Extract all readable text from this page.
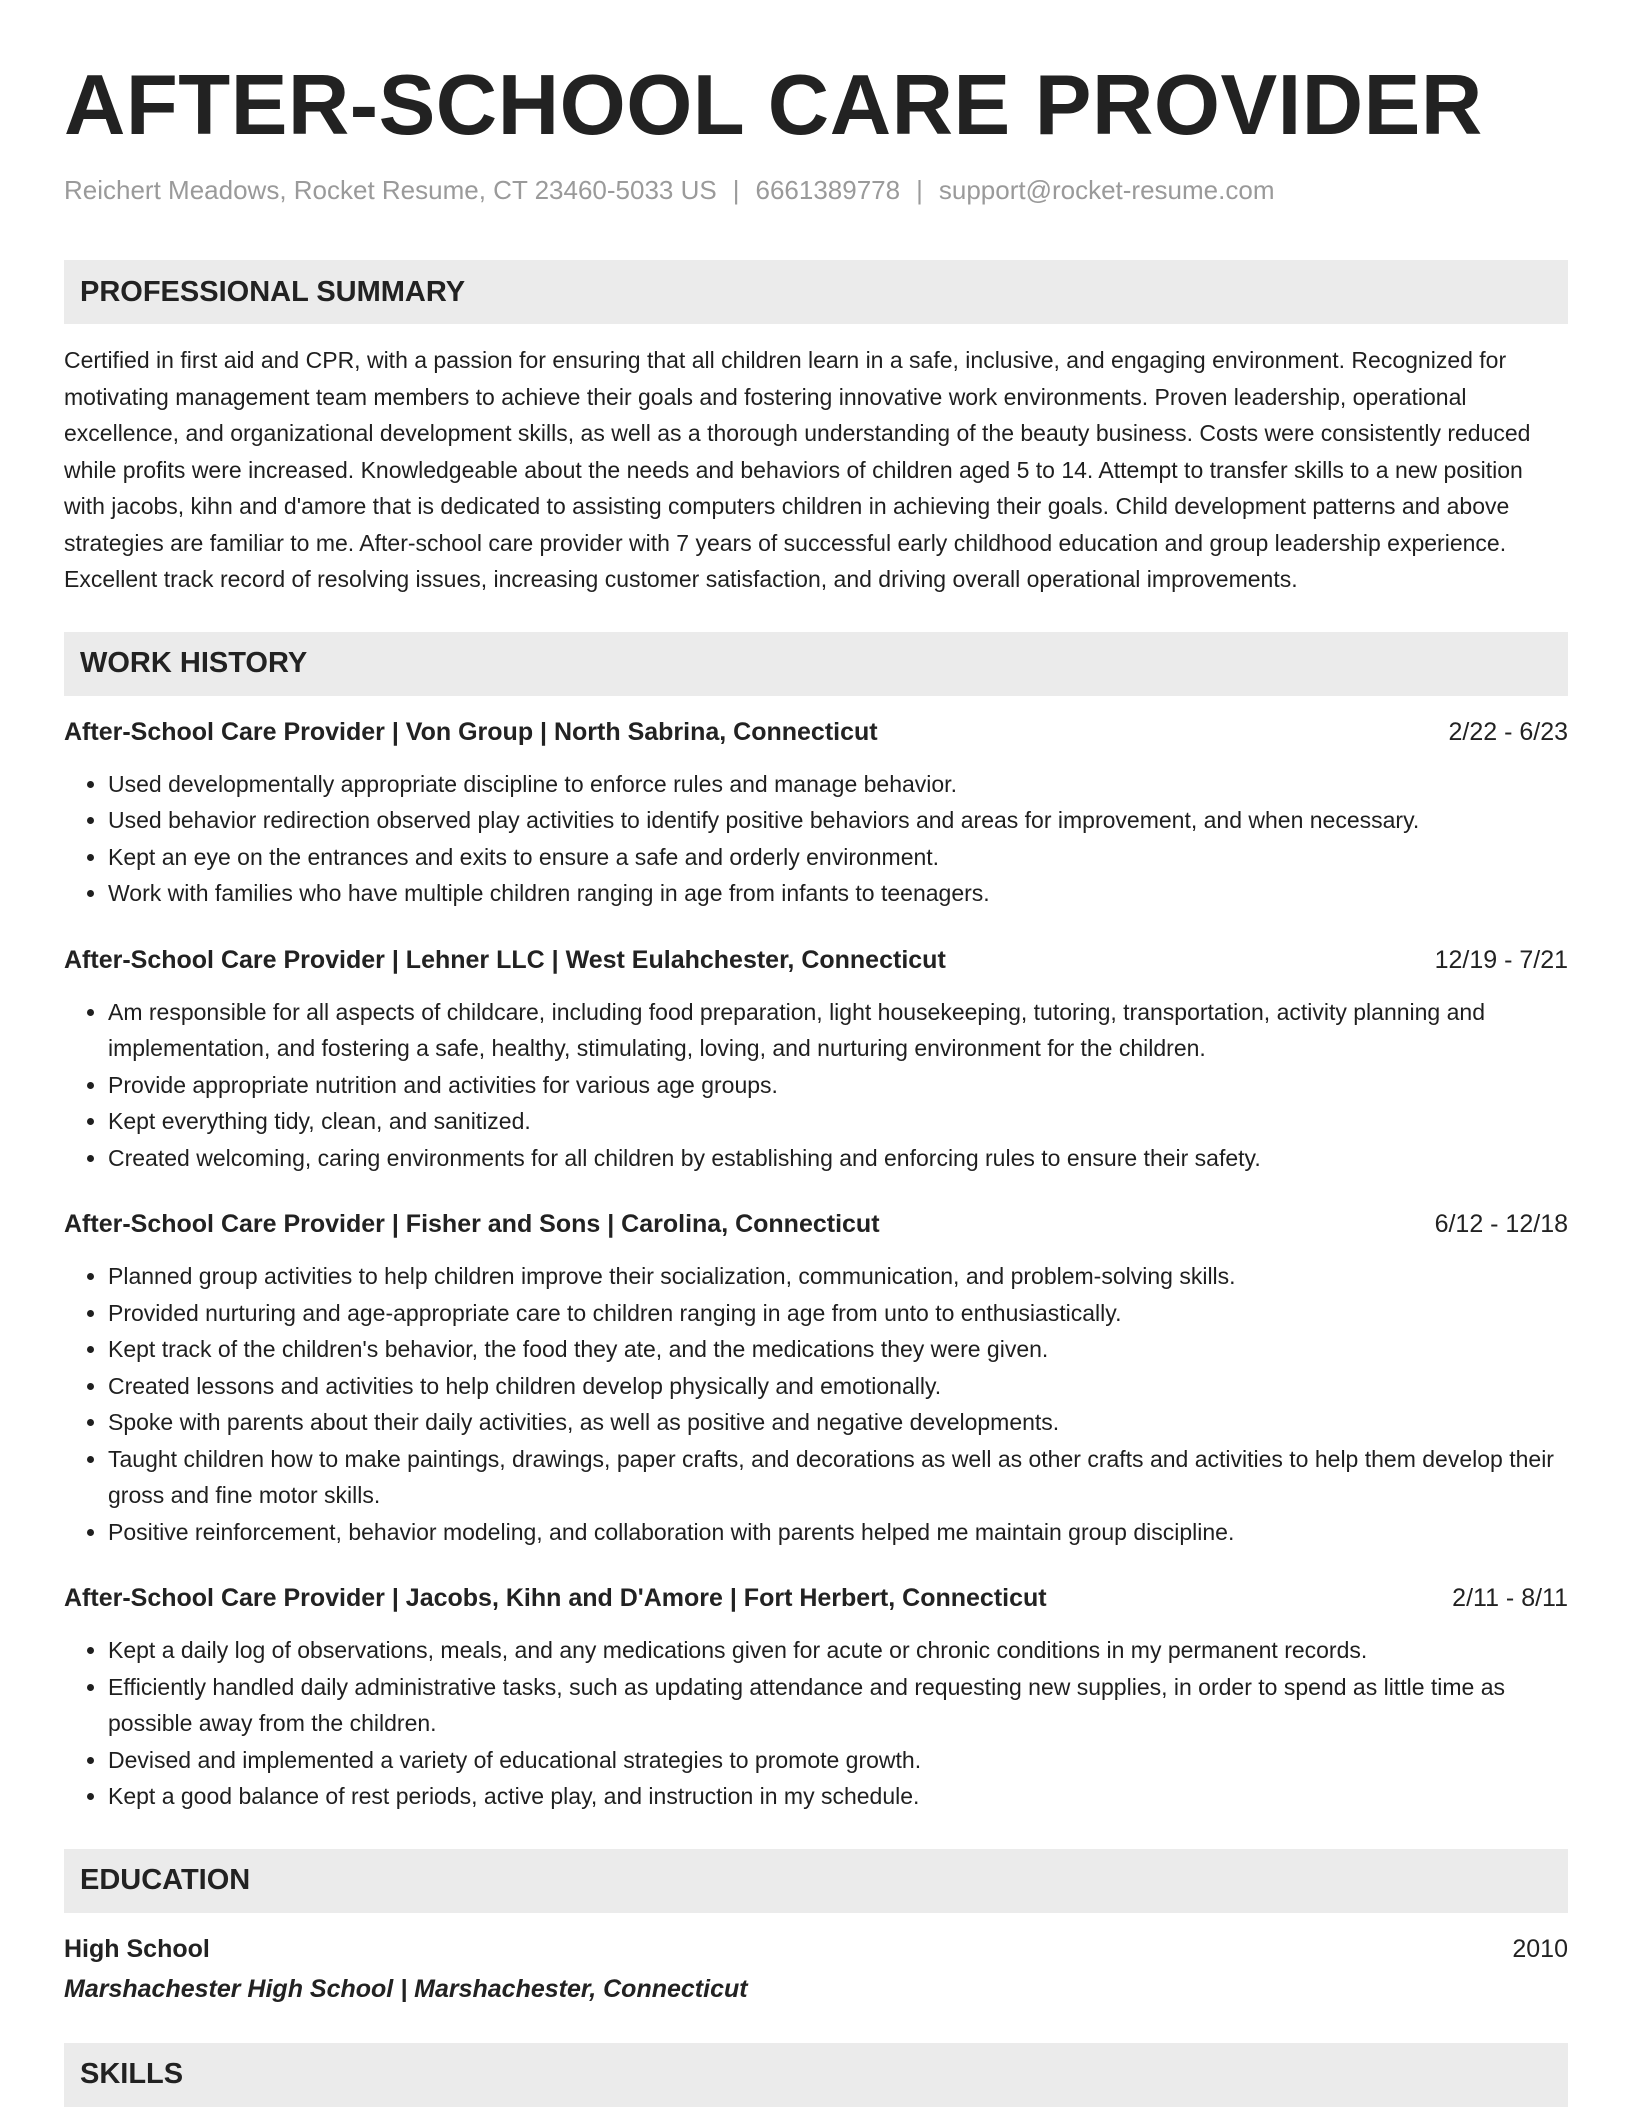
AFTER-SCHOOL CARE PROVIDER
Reichert Meadows, Rocket Resume, CT 23460-5033 US | 6661389778 | support@rocket-resume.com
PROFESSIONAL SUMMARY

Certified in first aid and CPR, with a passion for ensuring that all children learn in a safe, inclusive, and engaging environment. Recognized for motivating management team members to achieve their goals and fostering innovative work environments. Proven leadership, operational excellence, and organizational development skills, as well as a thorough understanding of the beauty business. Costs were consistently reduced while profits were increased. Knowledgeable about the needs and behaviors of children aged 5 to 14. Attempt to transfer skills to a new position with jacobs, kihn and d'amore that is dedicated to assisting computers children in achieving their goals. Child development patterns and above strategies are familiar to me. After-school care provider with 7 years of successful early childhood education and group leadership experience. Excellent track record of resolving issues, increasing customer satisfaction, and driving overall operational improvements.

WORK HISTORY
After-School Care Provider | Von Group | North Sabrina, Connecticut	2/22 - 6/23
• Used developmentally appropriate discipline to enforce rules and manage behavior.
• Used behavior redirection observed play activities to identify positive behaviors and areas for improvement, and when necessary.
• Kept an eye on the entrances and exits to ensure a safe and orderly environment.
• Work with families who have multiple children ranging in age from infants to teenagers.
After-School Care Provider | Lehner LLC | West Eulahchester, Connecticut	12/19 - 7/21
• Am responsible for all aspects of childcare, including food preparation, light housekeeping, tutoring, transportation, activity planning and implementation, and fostering a safe, healthy, stimulating, loving, and nurturing environment for the children.
• Provide appropriate nutrition and activities for various age groups.
• Kept everything tidy, clean, and sanitized.
• Created welcoming, caring environments for all children by establishing and enforcing rules to ensure their safety.
After-School Care Provider | Fisher and Sons | Carolina, Connecticut	6/12 - 12/18
• Planned group activities to help children improve their socialization, communication, and problem-solving skills.
• Provided nurturing and age-appropriate care to children ranging in age from unto to enthusiastically.
• Kept track of the children's behavior, the food they ate, and the medications they were given.
• Created lessons and activities to help children develop physically and emotionally.
• Spoke with parents about their daily activities, as well as positive and negative developments.
• Taught children how to make paintings, drawings, paper crafts, and decorations as well as other crafts and activities to help them develop their gross and fine motor skills.
• Positive reinforcement, behavior modeling, and collaboration with parents helped me maintain group discipline.
After-School Care Provider | Jacobs, Kihn and D'Amore | Fort Herbert, Connecticut	2/11 - 8/11
• Kept a daily log of observations, meals, and any medications given for acute or chronic conditions in my permanent records.
• Efficiently handled daily administrative tasks, such as updating attendance and requesting new supplies, in order to spend as little time as possible away from the children.
• Devised and implemented a variety of educational strategies to promote growth.
• Kept a good balance of rest periods, active play, and instruction in my schedule.
EDUCATION
High School	2010
Marshachester High School | Marshachester, Connecticut
SKILLS
